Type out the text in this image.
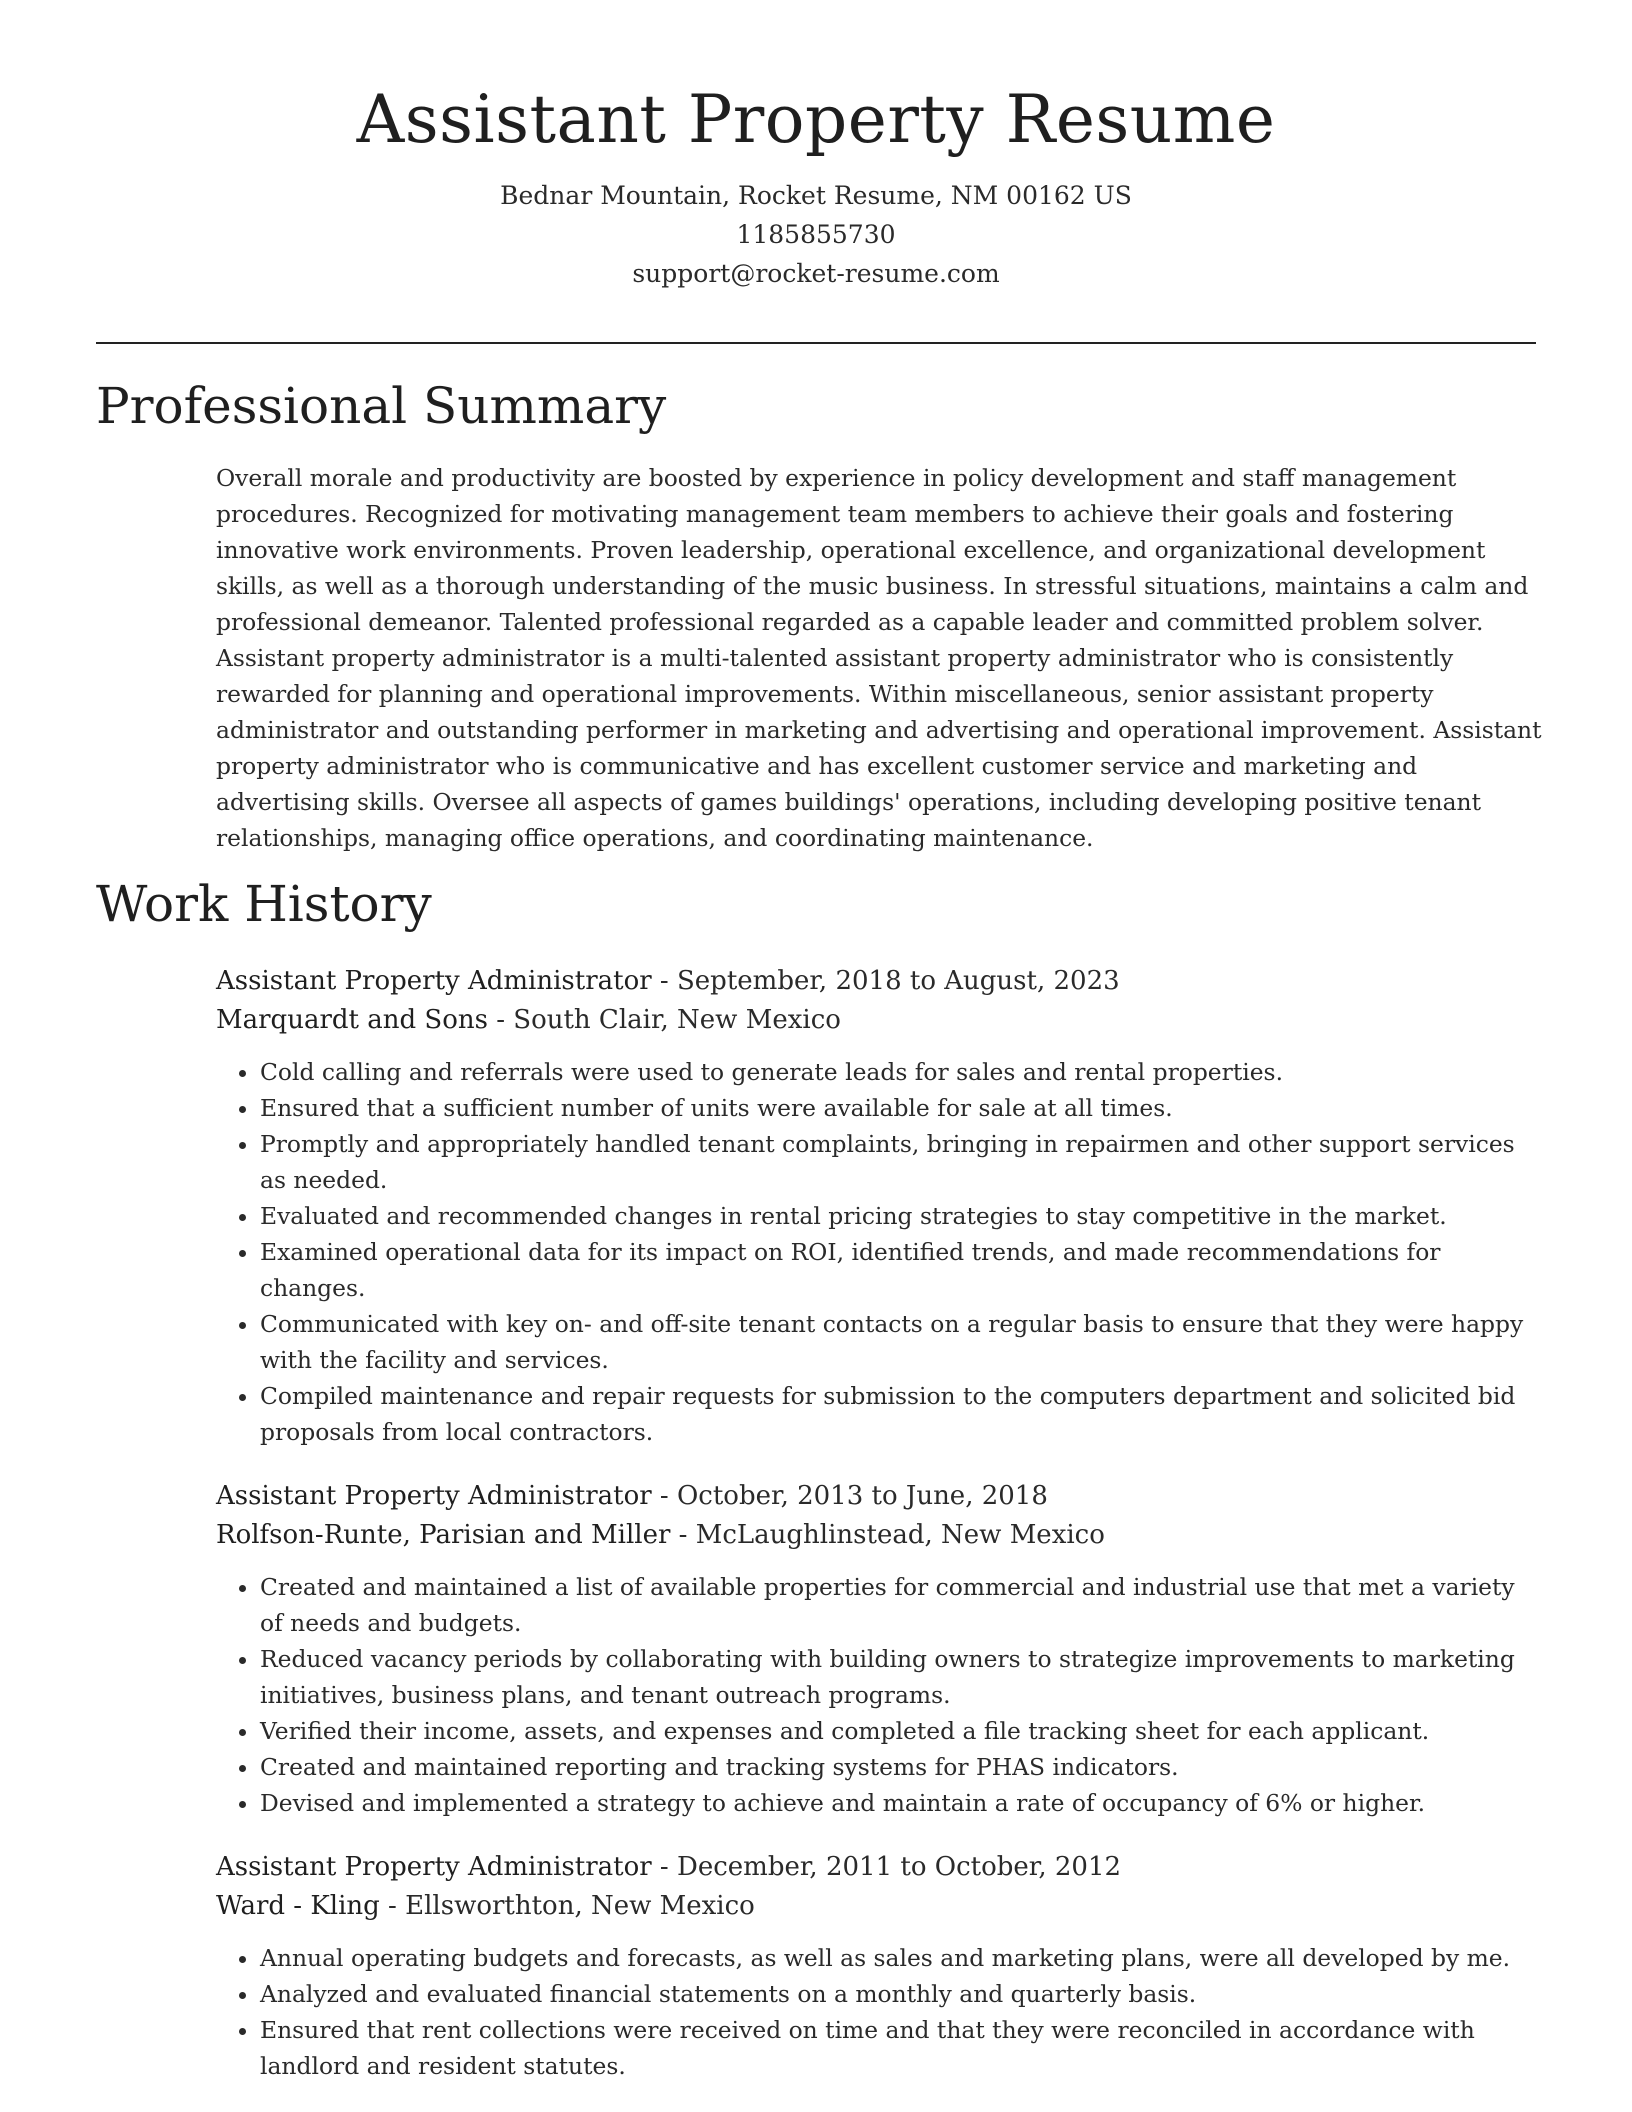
Assistant Property Resume
Bednar Mountain, Rocket Resume, NM 00162 US
1185855730
support@rocket-resume.com
Professional Summary

Overall morale and productivity are boosted by experience in policy development and staff management procedures. Recognized for motivating management team members to achieve their goals and fostering innovative work environments. Proven leadership, operational excellence, and organizational development skills, as well as a thorough understanding of the music business. In stressful situations, maintains a calm and professional demeanor. Talented professional regarded as a capable leader and committed problem solver. Assistant property administrator is a multi-talented assistant property administrator who is consistently rewarded for planning and operational improvements. Within miscellaneous, senior assistant property administrator and outstanding performer in marketing and advertising and operational improvement. Assistant property administrator who is communicative and has excellent customer service and marketing and advertising skills. Oversee all aspects of games buildings' operations, including developing positive tenant relationships, managing office operations, and coordinating maintenance.

Work History
Assistant Property Administrator - September, 2018 to August, 2023
Marquardt and Sons - South Clair, New Mexico
• Cold calling and referrals were used to generate leads for sales and rental properties.
• Ensured that a sufficient number of units were available for sale at all times.
• Promptly and appropriately handled tenant complaints, bringing in repairmen and other support services as needed.
• Evaluated and recommended changes in rental pricing strategies to stay competitive in the market.
• Examined operational data for its impact on ROI, identified trends, and made recommendations for changes.
• Communicated with key on- and off-site tenant contacts on a regular basis to ensure that they were happy with the facility and services.
• Compiled maintenance and repair requests for submission to the computers department and solicited bid proposals from local contractors.
Assistant Property Administrator - October, 2013 to June, 2018
Rolfson-Runte, Parisian and Miller - McLaughlinstead, New Mexico
• Created and maintained a list of available properties for commercial and industrial use that met a variety of needs and budgets.
• Reduced vacancy periods by collaborating with building owners to strategize improvements to marketing initiatives, business plans, and tenant outreach programs.
• Verified their income, assets, and expenses and completed a file tracking sheet for each applicant.
• Created and maintained reporting and tracking systems for PHAS indicators.
• Devised and implemented a strategy to achieve and maintain a rate of occupancy of 6% or higher.
Assistant Property Administrator - December, 2011 to October, 2012
Ward - Kling - Ellsworthton, New Mexico
• Annual operating budgets and forecasts, as well as sales and marketing plans, were all developed by me.
• Analyzed and evaluated financial statements on a monthly and quarterly basis.
• Ensured that rent collections were received on time and that they were reconciled in accordance with landlord and resident statutes.
